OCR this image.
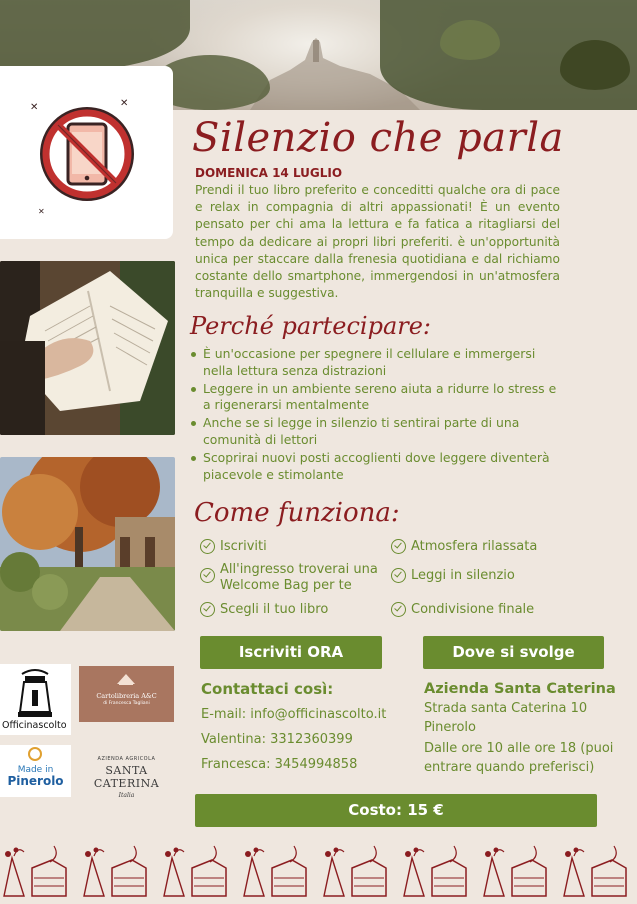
✕	✕
✕
Silenzio che parla
DOMENICA 14 LUGLIO
Prendi il tuo libro preferito e conceditti qualche ora di pace e relax in compagnia di altri appassionati! È un evento pensato per chi ama la lettura e fa fatica a ritagliarsi del tempo da dedicare ai propri libri preferiti. è un'opportunità unica per staccare dalla frenesia quotidiana e dal richiamo costante dello smartphone, immergendosi in un'atmosfera tranquilla e suggestiva.
Perché partecipare:
È un'occasione per spegnere il cellulare e immergersi nella lettura senza distrazioni
Leggere in un ambiente sereno aiuta a ridurre lo stress e a rigenerarsi mentalmente
Anche se si legge in silenzio ti sentirai parte di una comunità di lettori
Scoprirai nuovi posti accoglienti dove leggere diventerà piacevole e stimolante
Come funziona:
Iscriviti
All'ingresso troverai una Welcome Bag per te
Scegli il tuo libro
Atmosfera rilassata
Leggi in silenzio
Condivisione finale
Iscriviti ORA	Dove si svolge
Contattaci così:
E-mail: info@officinascolto.it
Valentina: 3312360399
Francesca: 3454994858
Azienda Santa Caterina
Strada santa Caterina 10
Pinerolo
Dalle ore 10 alle ore 18 (puoi entrare quando preferisci)
Costo: 15 €
Officinascolto
Cartolibreria A&C
di Francesca Tagliani
Made in
Pinerolo
AZIENDA AGRICOLA
SANTA CATERINA
Italia
